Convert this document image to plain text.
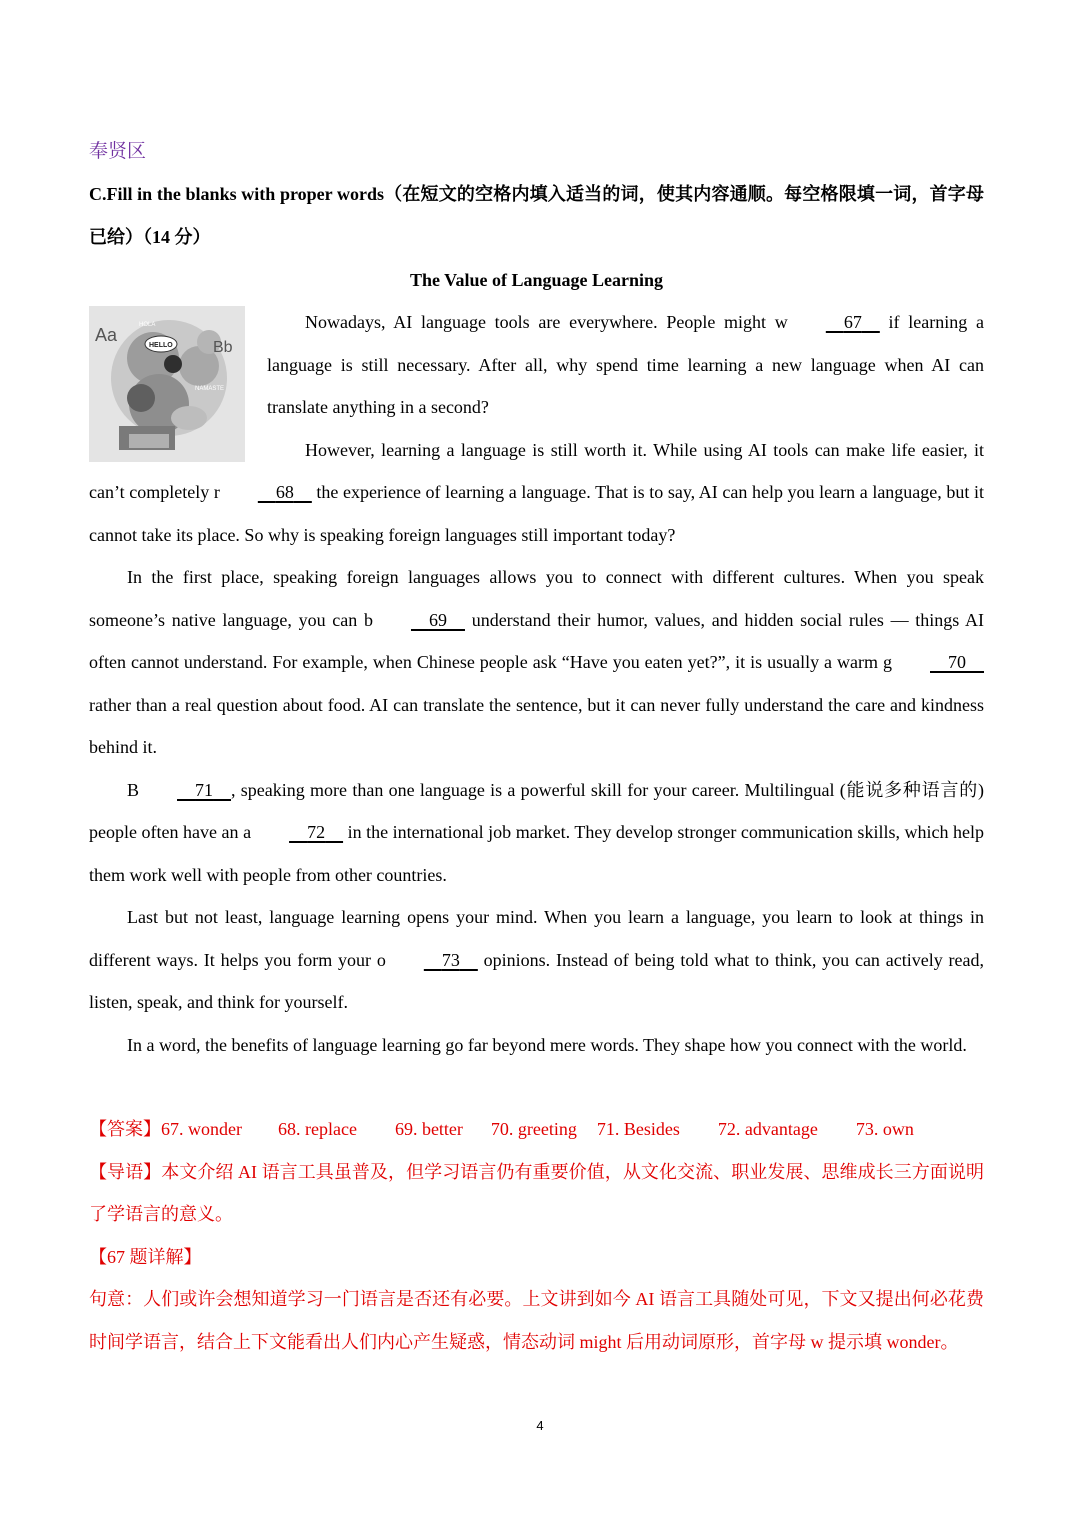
奉贤区
C.Fill in the blanks with proper words（在短文的空格内填入适当的词，使其内容通顺。每空格限填一词，首字母已给）（14 分）
The Value of Language Learning
Aa
Bb
HELLO
HOLA
NAMASTE

Nowadays, AI language tools are everywhere. People might w	67     if learning a language is still necessary. After all, why spend time learning a new language when AI can translate anything in a second?

However, learning a language is still worth it. While using AI tools can make life easier, it can’t completely r	68     the experience of learning a language. That is to say, AI can help you learn a language, but it cannot take its place. So why is speaking foreign languages still important today?

In the first place, speaking foreign languages allows you to connect with different cultures. When you speak someone’s native language, you can b	69     understand their humor, values, and hidden social rules — things AI often cannot understand. For example, when Chinese people ask “Have you eaten yet?”, it is usually a warm g	70     rather than a real question about food. AI can translate the sentence, but it can never fully understand the care and kindness behind it.

B	71 , speaking more than one language is a powerful skill for your career. Multilingual (能说多种语言的) people often have an a	72     in the international job market. They develop stronger communication skills, which help them work well with people from other countries.

Last but not least, language learning opens your mind. When you learn a language, you learn to look at things in different ways. It helps you form your o	73     opinions. Instead of being told what to think, you can actively read, listen, speak, and think for yourself.

In a word, the benefits of language learning go far beyond mere words. They shape how you connect with the world.

【答案】67. wonder 68. replace 69. better 70. greeting 71. Besides 72. advantage 73. own

【导语】本文介绍 AI 语言工具虽普及，但学习语言仍有重要价值，从文化交流、职业发展、思维成长三方面说明了学语言的意义。

【67 题详解】

句意：人们或许会想知道学习一门语言是否还有必要。上文讲到如今 AI 语言工具随处可见，下文又提出何必花费时间学语言，结合上下文能看出人们内心产生疑惑，情态动词 might 后用动词原形，首字母 w 提示填 wonder。

4
